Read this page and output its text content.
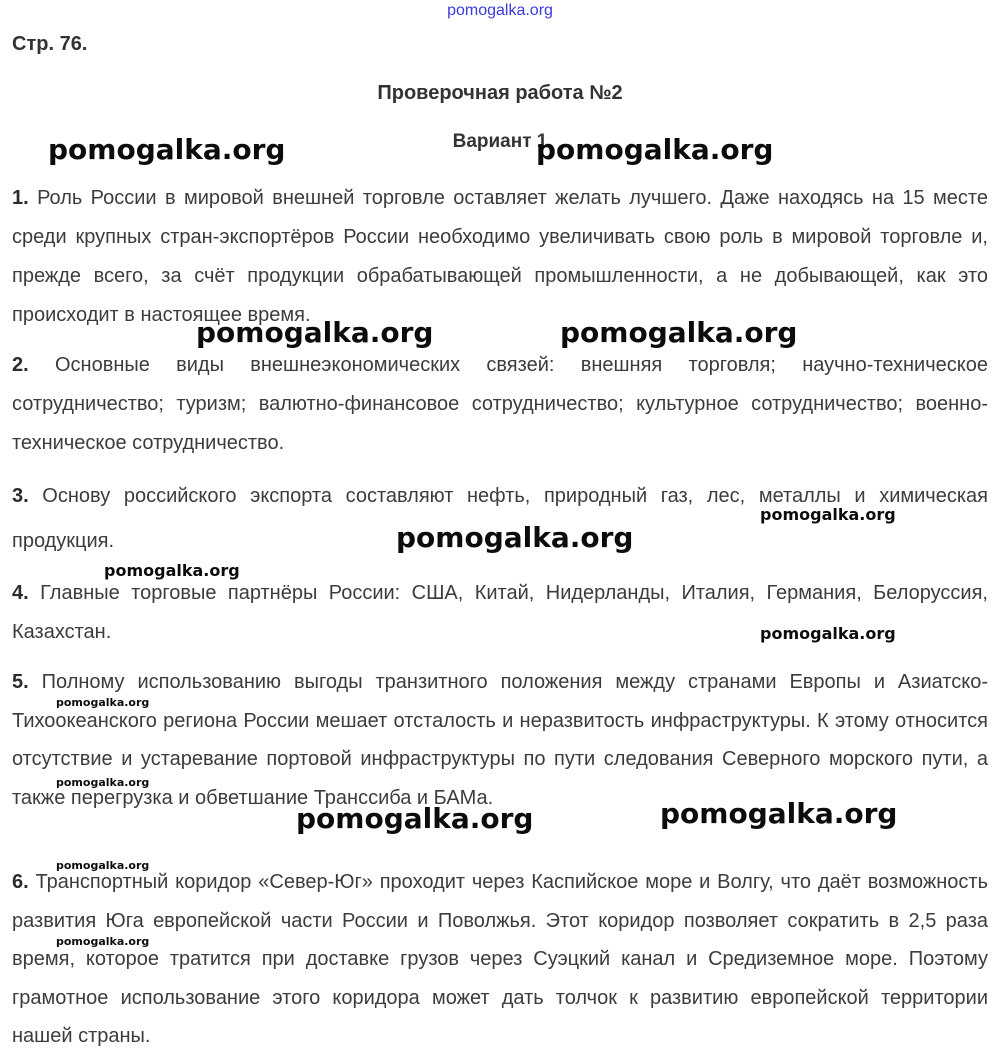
pomogalka.org
Стр. 76.
Проверочная работа №2
Вариант 1
1. Роль России в мировой внешней торговле оставляет желать лучшего. Даже находясь на 15 месте среди крупных стран-экспортёров России необходимо увеличивать свою роль в мировой торговле и, прежде всего, за счёт продукции обрабатывающей промышленности, а не добывающей, как это происходит в настоящее время.
2. Основные виды внешнеэкономических связей: внешняя торговля; научно-техническое сотрудничество; туризм; валютно-финансовое сотрудничество; культурное сотрудничество; военно-техническое сотрудничество.
3. Основу российского экспорта составляют нефть, природный газ, лес, металлы и химическая продукция.
4. Главные торговые партнёры России: США, Китай, Нидерланды, Италия, Германия, Белоруссия, Казахстан.
5. Полному использованию выгоды транзитного положения между странами Европы и Азиатско-Тихоокеанского региона России мешает отсталость и неразвитость инфраструктуры. К этому относится отсутствие и устаревание портовой инфраструктуры по пути следования Северного морского пути, а также перегрузка и обветшание Транссиба и БАМа.
6. Транспортный коридор «Север-Юг» проходит через Каспийское море и Волгу, что даёт возможность развития Юга европейской части России и Поволжья. Этот коридор позволяет сократить в 2,5 раза время, которое тратится при доставке грузов через Суэцкий канал и Средиземное море. Поэтому грамотное использование этого коридора может дать толчок к развитию европейской территории нашей страны.
pomogalka.org	pomogalka.org
pomogalka.org	pomogalka.org
pomogalka.org
pomogalka.org
pomogalka.org
pomogalka.org
pomogalka.org
pomogalka.org
pomogalka.org	pomogalka.org
pomogalka.org
pomogalka.org
